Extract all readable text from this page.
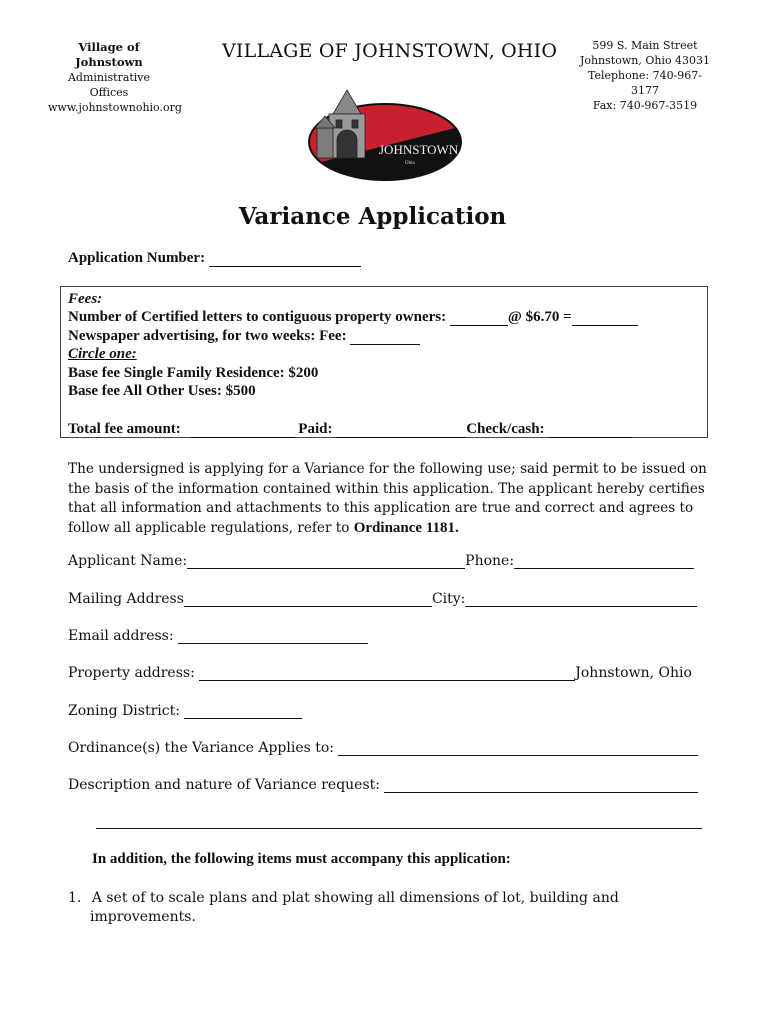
Village of Johnstown
Administrative Offices
www.johnstownohio.org
VILLAGE OF JOHNSTOWN, OHIO	599 S. Main Street
Johnstown, Ohio 43031
Telephone: 740-967-3177
Fax: 740-967-3519
JOHNSTOWN
Ohio
Variance Application
Application Number:
Fees:
Number of Certified letters to contiguous property owners:	@ $6.70 =
Newspaper advertising, for two weeks: Fee:
Circle one:
Base fee Single Family Residence: $200
Base fee All Other Uses: $500
Total fee amount:	Paid:	Check/cash:
The undersigned is applying for a Variance for the following use; said permit to be issued on the basis of the information contained within this application. The applicant hereby certifies that all information and attachments to this application are true and correct and agrees to follow all applicable regulations, refer to Ordinance 1181.
Applicant Name:	Phone:
Mailing Address	City:
Email address:
Property address:	Johnstown, Ohio
Zoning District:
Ordinance(s) the Variance Applies to:
Description and nature of Variance request:
In addition, the following items must accompany this application:
1. A set of to scale plans and plat showing all dimensions of lot, building and
improvements.
